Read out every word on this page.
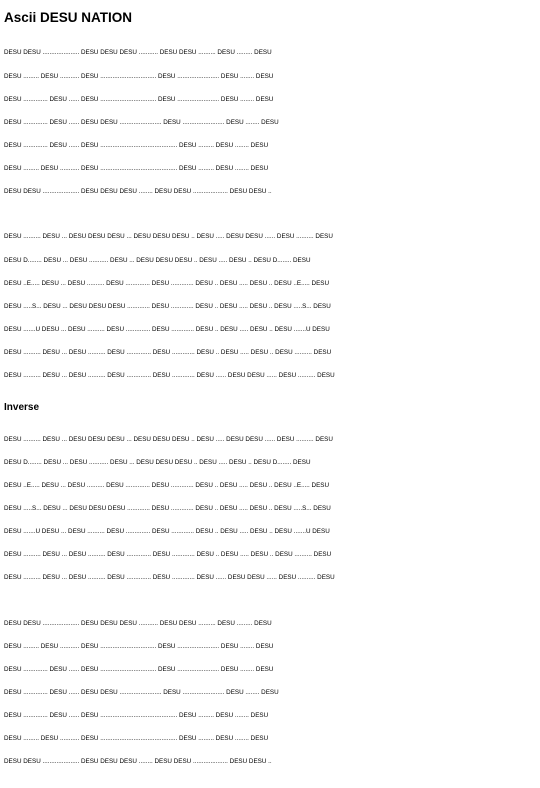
Ascii DESU NATION

DESU DESU ..................... DESU DESU DESU ........... DESU DESU .......... DESU ......... DESU

DESU ......... DESU ........... DESU ................................ DESU ........................ DESU ........ DESU

DESU .............. DESU ...... DESU ................................ DESU ........................ DESU ........ DESU

DESU .............. DESU ...... DESU DESU ........................ DESU ........................ DESU ........ DESU

DESU .............. DESU ...... DESU ............................................ DESU ......... DESU ........ DESU

DESU ......... DESU ........... DESU ............................................ DESU ......... DESU ........ DESU

DESU DESU ..................... DESU DESU DESU ........ DESU DESU .................... DESU DESU ..

DESU .......... DESU ... DESU DESU DESU ... DESU DESU DESU .. DESU ..... DESU DESU ...... DESU .......... DESU

DESU D........ DESU ... DESU ........... DESU ... DESU DESU DESU .. DESU ..... DESU .. DESU D........ DESU

DESU ..E..... DESU ... DESU .......... DESU .............. DESU ............. DESU .. DESU ..... DESU .. DESU ..E..... DESU

DESU .....S... DESU ... DESU DESU DESU ............. DESU ............. DESU .. DESU ..... DESU .. DESU .....S... DESU

DESU .......U DESU ... DESU .......... DESU .............. DESU ............. DESU .. DESU ..... DESU .. DESU .......U DESU

DESU .......... DESU ... DESU .......... DESU .............. DESU ............. DESU .. DESU ..... DESU .. DESU .......... DESU

DESU .......... DESU ... DESU .......... DESU .............. DESU ............. DESU ...... DESU DESU ...... DESU .......... DESU

Inverse

DESU .......... DESU ... DESU DESU DESU ... DESU DESU DESU .. DESU ..... DESU DESU ...... DESU .......... DESU

DESU D........ DESU ... DESU ........... DESU ... DESU DESU DESU .. DESU ..... DESU .. DESU D........ DESU

DESU ..E..... DESU ... DESU .......... DESU .............. DESU ............. DESU .. DESU ..... DESU .. DESU ..E..... DESU

DESU .....S... DESU ... DESU DESU DESU ............. DESU ............. DESU .. DESU ..... DESU .. DESU .....S... DESU

DESU .......U DESU ... DESU .......... DESU .............. DESU ............. DESU .. DESU ..... DESU .. DESU .......U DESU

DESU .......... DESU ... DESU .......... DESU .............. DESU ............. DESU .. DESU ..... DESU .. DESU .......... DESU

DESU .......... DESU ... DESU .......... DESU .............. DESU ............. DESU ...... DESU DESU ...... DESU .......... DESU

DESU DESU ..................... DESU DESU DESU ........... DESU DESU .......... DESU ......... DESU

DESU ......... DESU ........... DESU ................................ DESU ........................ DESU ........ DESU

DESU .............. DESU ...... DESU ................................ DESU ........................ DESU ........ DESU

DESU .............. DESU ...... DESU DESU ........................ DESU ........................ DESU ........ DESU

DESU .............. DESU ...... DESU ............................................ DESU ......... DESU ........ DESU

DESU ......... DESU ........... DESU ............................................ DESU ......... DESU ........ DESU

DESU DESU ..................... DESU DESU DESU ........ DESU DESU .................... DESU DESU ..
